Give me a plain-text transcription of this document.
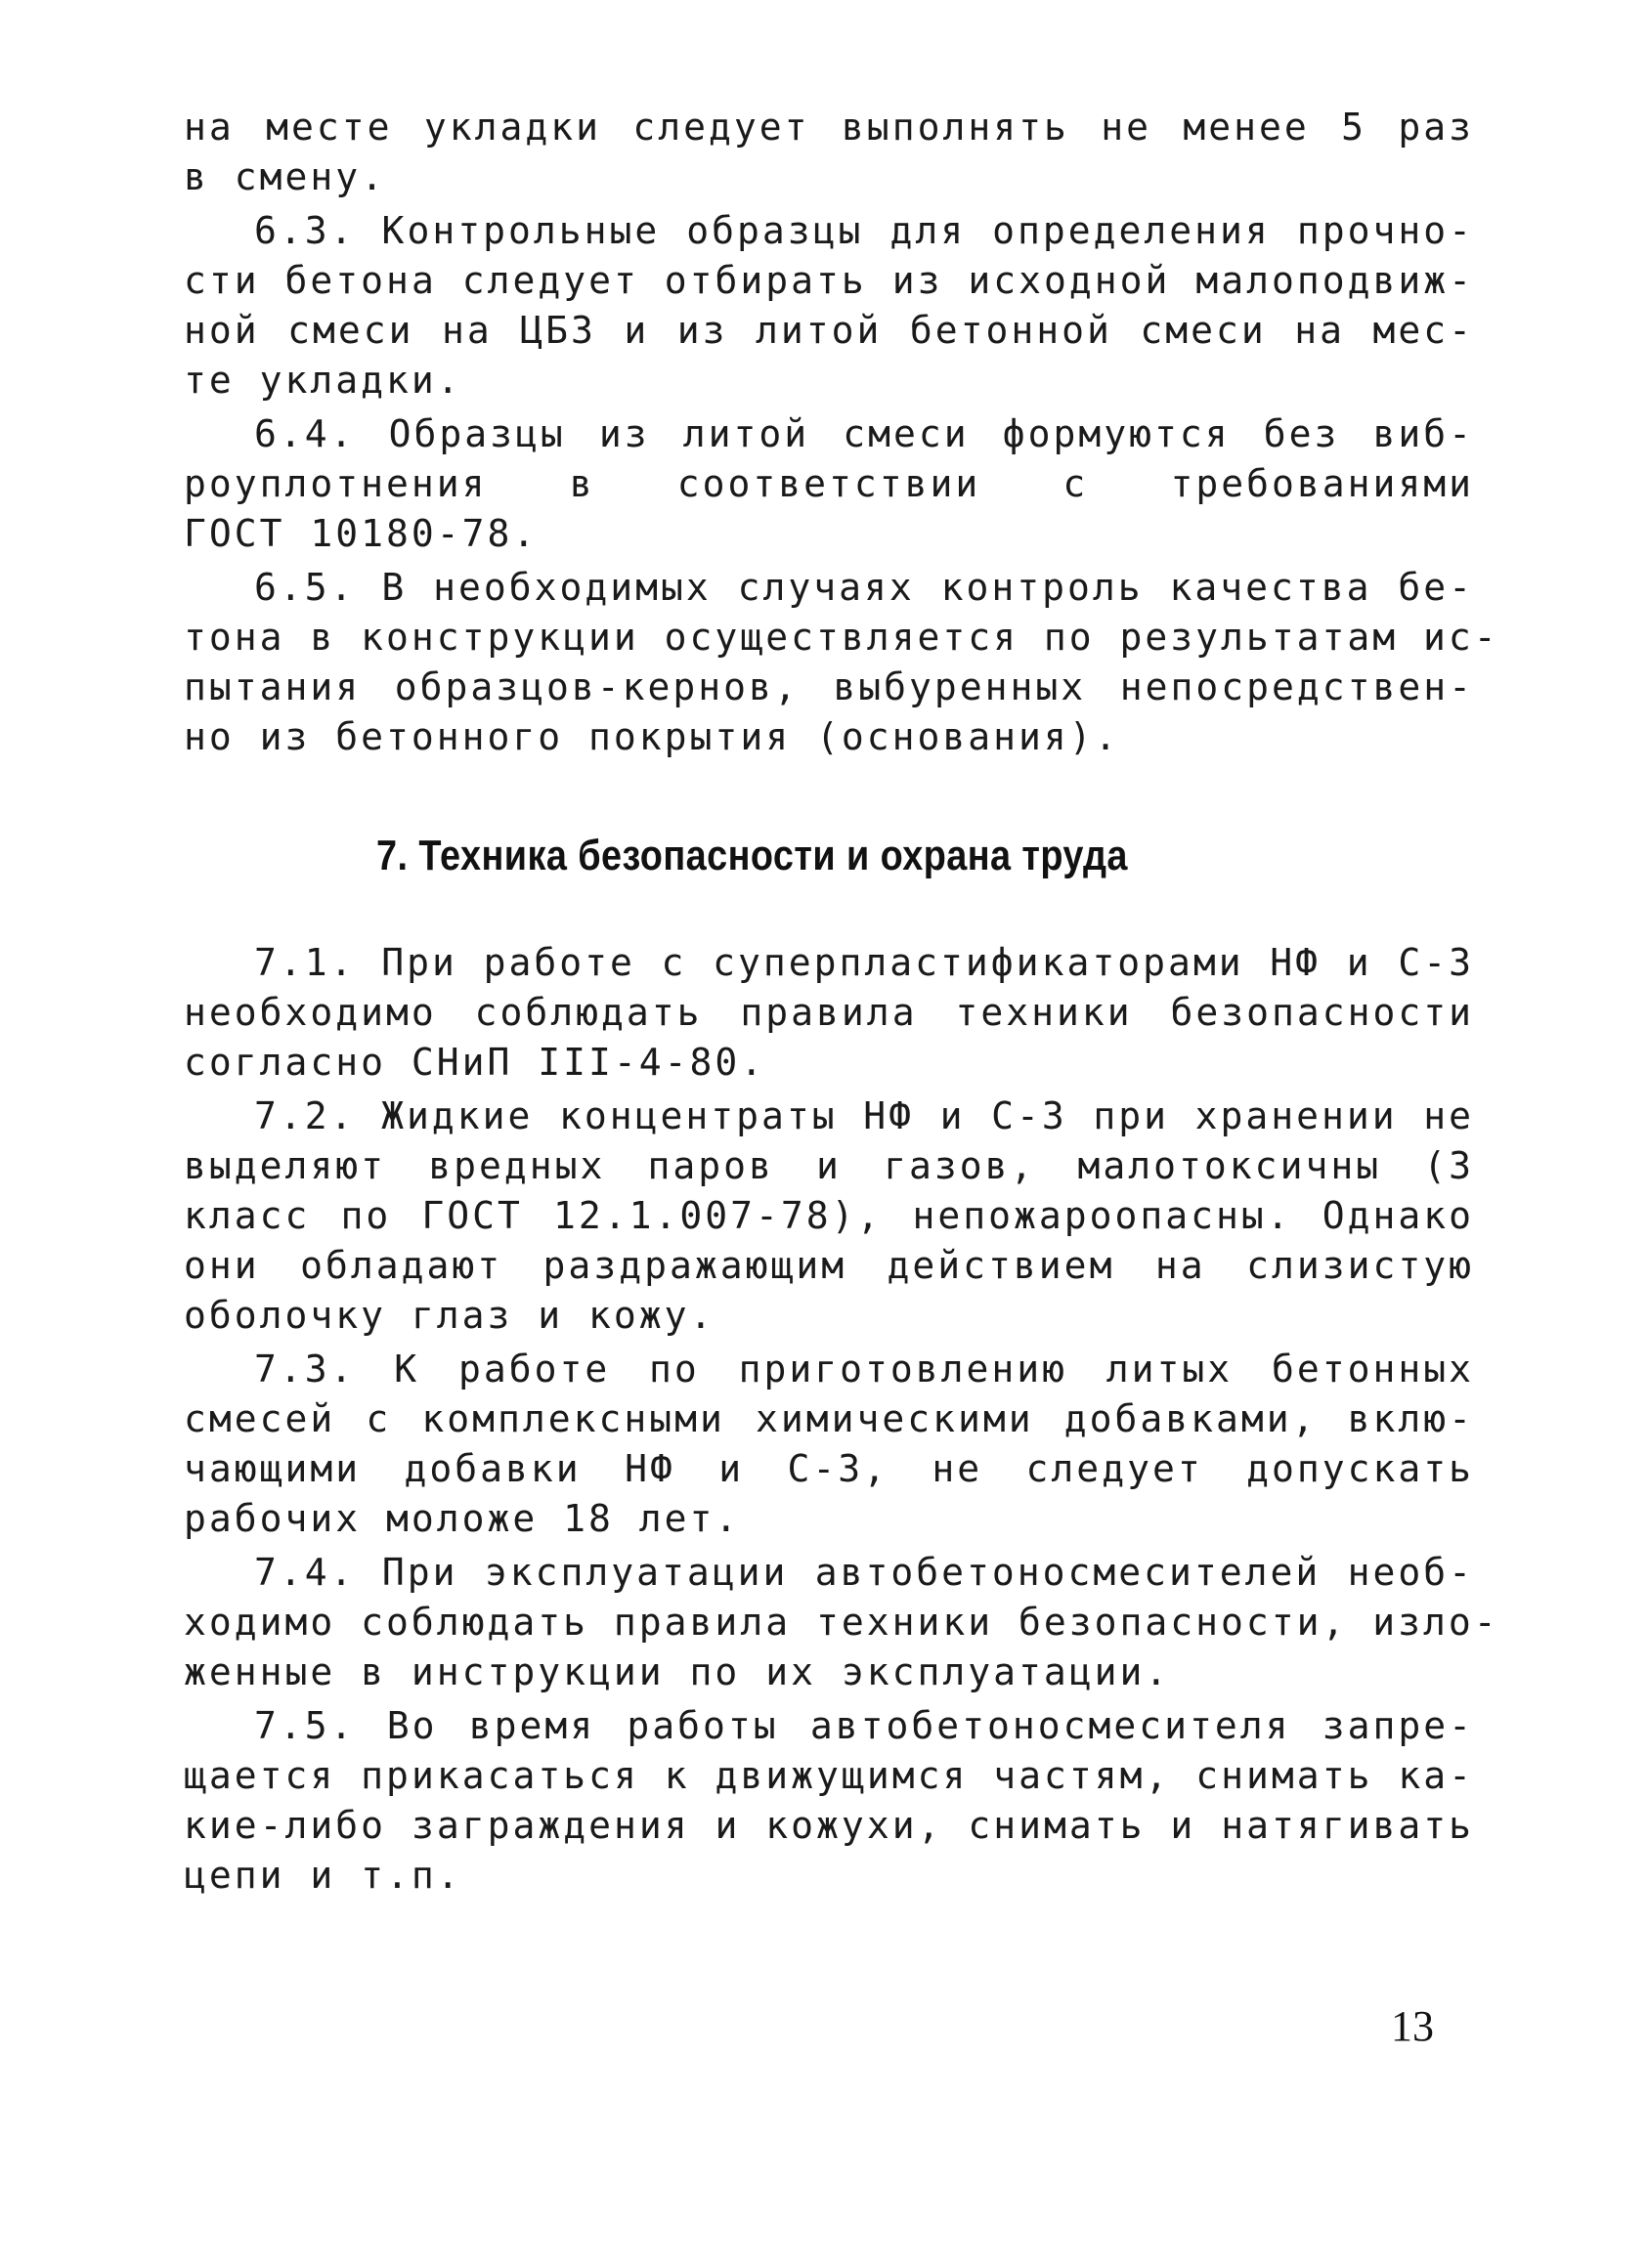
на месте укладки следует выполнять не менее 5 раз
в смену.
6.3. Контрольные образцы для определения прочно-
сти бетона следует отбирать из исходной малоподвиж-
ной смеси на ЦБЗ и из литой бетонной смеси на мес-
те укладки.
6.4. Образцы из литой смеси формуются без виб-
роуплотнения в соответствии с требованиями
ГОСТ 10180-78.
6.5. В необходимых случаях контроль качества бе-
тона в конструкции осуществляется по результатам ис-
пытания образцов-кернов, выбуренных непосредствен-
но из бетонного покрытия (основания).
7. Техника безопасности и охрана труда
7.1. При работе с суперпластификаторами НФ и С-3
необходимо соблюдать правила техники безопасности
согласно СНиП III-4-80.
7.2. Жидкие концентраты НФ и С-3 при хранении не
выделяют вредных паров и газов, малотоксичны (3
класс по ГОСТ 12.1.007-78), непожароопасны. Однако
они обладают раздражающим действием на слизистую
оболочку глаз и кожу.
7.3. К работе по приготовлению литых бетонных
смесей с комплексными химическими добавками, вклю-
чающими добавки НФ и С-3, не следует допускать
рабочих моложе 18 лет.
7.4. При эксплуатации автобетоносмесителей необ-
ходимо соблюдать правила техники безопасности, изло-
женные в инструкции по их эксплуатации.
7.5. Во время работы автобетоносмесителя запре-
щается прикасаться к движущимся частям, снимать ка-
кие-либо заграждения и кожухи, снимать и натягивать
цепи и т.п.
13
